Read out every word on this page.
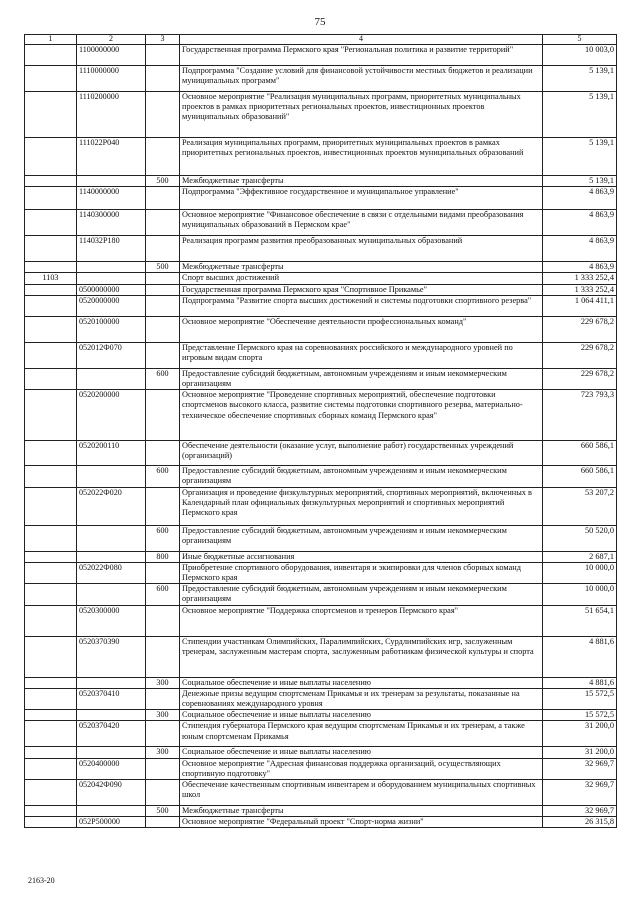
75
1	2	3	4	5
	1100000000		Государственная программа Пермского края "Региональная политика и развитие территорий"	10 003,0
	1110000000		Подпрограмма "Создание условий для финансовой устойчивости местных бюджетов и реализации муниципальных программ"	5 139,1
	1110200000		Основное мероприятие "Реализация муниципальных программ, приоритетных муниципальных проектов в рамках приоритетных региональных проектов, инвестиционных проектов муниципальных образований"	5 139,1
	111022P040		Реализация муниципальных программ, приоритетных муниципальных проектов в рамках приоритетных региональных проектов, инвестиционных проектов муниципальных образований	5 139,1
		500	Межбюджетные трансферты	5 139,1
	1140000000		Подпрограмма "Эффективное государственное и муниципальное управление"	4 863,9
	1140300000		Основное мероприятие "Финансовое обеспечение в связи с отдельными видами преобразования муниципальных образований в Пермском крае"	4 863,9
	114032P180		Реализация программ развития преобразованных муниципальных образований	4 863,9
		500	Межбюджетные трансферты	4 863,9
1103			Спорт высших достижений	1 333 252,4
	0500000000		Государственная программа Пермского края "Спортивное Прикамье"	1 333 252,4
	0520000000		Подпрограмма "Развитие спорта высших достижений и системы подготовки спортивного резерва"	1 064 411,1
	0520100000		Основное мероприятие "Обеспечение деятельности профессиональных команд"	229 678,2
	052012Ф070		Представление Пермского края на соревнованиях российского и международного уровней по игровым видам спорта	229 678,2
		600	Предоставление субсидий бюджетным, автономным учреждениям и иным некоммерческим организациям	229 678,2
	0520200000		Основное мероприятие "Проведение спортивных мероприятий, обеспечение подготовки спортсменов высокого класса, развитие системы подготовки спортивного резерва, материально-техническое обеспечение спортивных сборных команд Пермского края"	723 793,3
	0520200110		Обеспечение деятельности (оказание услуг, выполнение работ) государственных учреждений (организаций)	660 586,1
		600	Предоставление субсидий бюджетным, автономным учреждениям и иным некоммерческим организациям	660 586,1
	052022Ф020		Организация и проведение физкультурных мероприятий, спортивных мероприятий, включенных в Календарный план официальных физкультурных мероприятий и спортивных мероприятий Пермского края	53 207,2
		600	Предоставление субсидий бюджетным, автономным учреждениям и иным некоммерческим организациям	50 520,0
		800	Иные бюджетные ассигнования	2 687,1
	052022Ф080		Приобретение спортивного оборудования, инвентаря и экипировки для членов сборных команд Пермского края	10 000,0
		600	Предоставление субсидий бюджетным, автономным учреждениям и иным некоммерческим организациям	10 000,0
	0520300000		Основное мероприятие "Поддержка спортсменов и тренеров Пермского края"	51 654,1
	0520370390		Стипендии участникам Олимпийских, Паралимпийских, Сурдлимпийских игр, заслуженным тренерам, заслуженным мастерам спорта, заслуженным работникам физической культуры и спорта	4 881,6
		300	Социальное обеспечение и иные выплаты населению	4 881,6
	0520370410		Денежные призы ведущим спортсменам Прикамья и их тренерам за результаты, показанные на соревнованиях международного уровня	15 572,5
		300	Социальное обеспечение и иные выплаты населению	15 572,5
	0520370420		Стипендия губернатора Пермского края ведущим спортсменам Прикамья и их тренерам, а также юным спортсменам Прикамья	31 200,0
		300	Социальное обеспечение и иные выплаты населению	31 200,0
	0520400000		Основное мероприятие "Адресная финансовая поддержка организаций, осуществляющих спортивную подготовку"	32 969,7
	052042Ф090		Обеспечение качественным спортивным инвентарем и оборудованием муниципальных спортивных школ	32 969,7
		500	Межбюджетные трансферты	32 969,7
	052P500000		Основное мероприятие "Федеральный проект "Спорт-норма жизни"	26 315,8
2163-20
